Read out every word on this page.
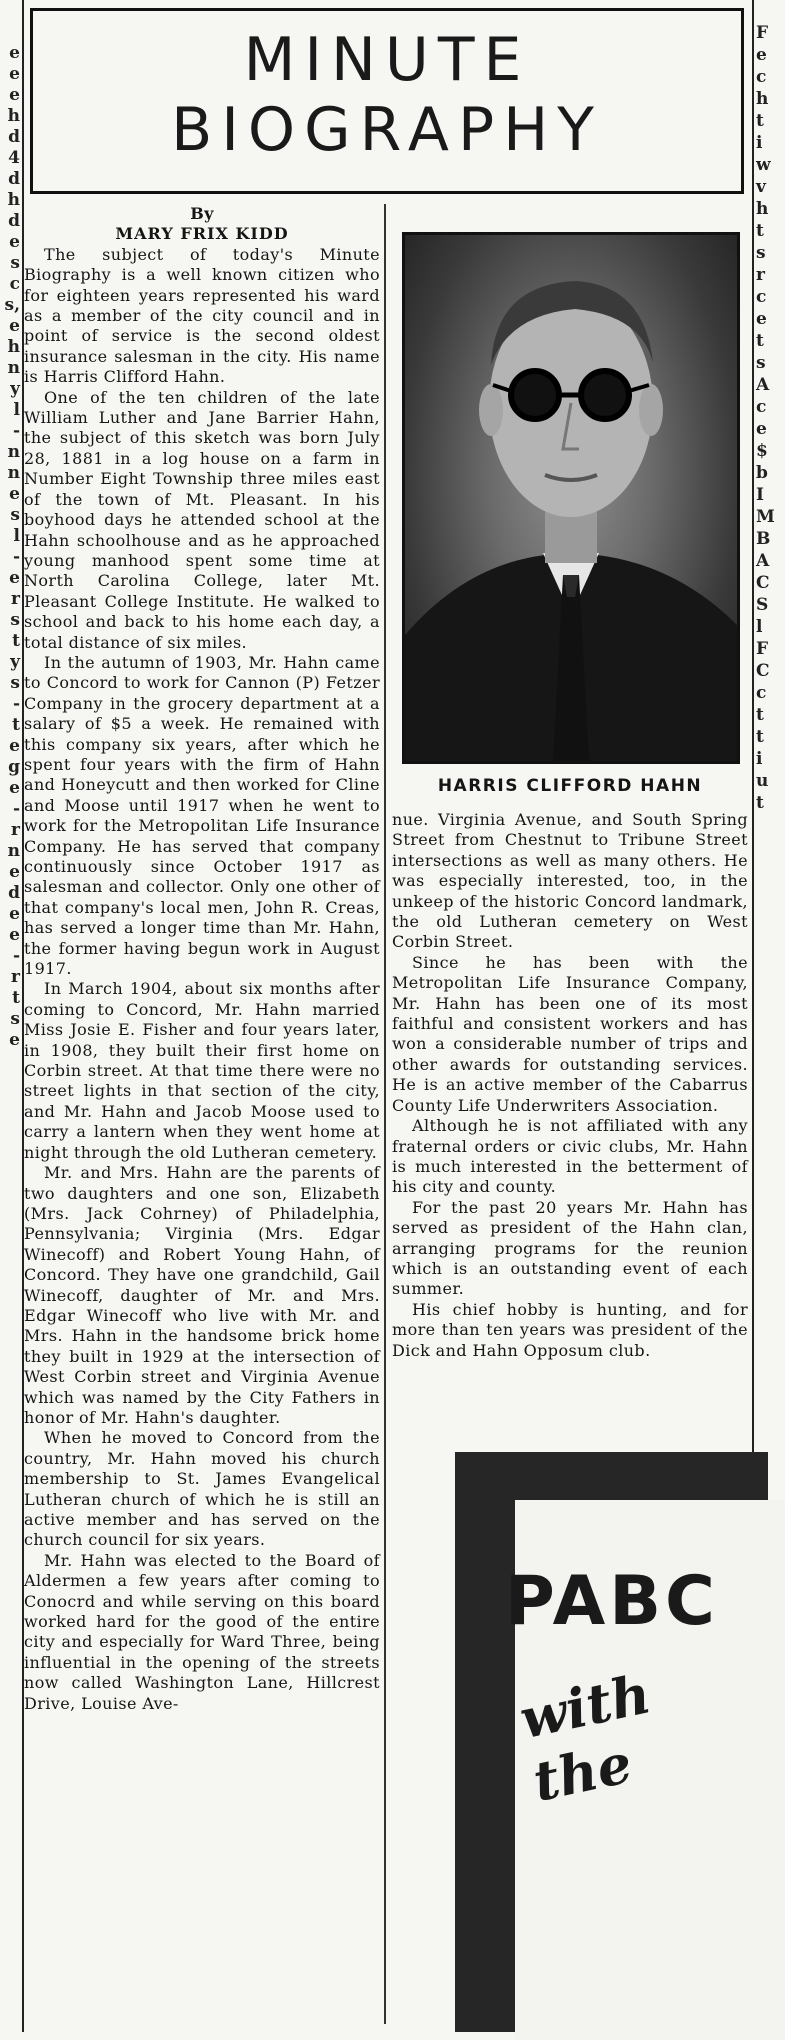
e
e
e
h
d
4
d
h
d
e
s
c
s,
e
h
n
y
l
-
n
n
e
s
l
-
e
r
s
t
y
s
-
t
e
g
e
-
r
n
e
d
e
e
-
r
t
s
e
F
e
c
h
t
i
w
v
h
t
s
r
c
e
t
s
A
c
e
$
b
I
M
B
A
C
S
l
F
C
c
t
t
i
u
t
MINUTE
BIOGRAPHY

By

MARY FRIX KIDD

The subject of today's Minute Biography is a well known citizen who for eighteen years represented his ward as a member of the city council and in point of service is the second oldest insurance salesman in the city. His name is Harris Clifford Hahn.

One of the ten children of the late William Luther and Jane Barrier Hahn, the subject of this sketch was born July 28, 1881 in a log house on a farm in Number Eight Township three miles east of the town of Mt. Pleasant. In his boyhood days he attended school at the Hahn schoolhouse and as he approached young manhood spent some time at North Carolina College, later Mt. Pleasant College Institute. He walked to school and back to his home each day, a total distance of six miles.

In the autumn of 1903, Mr. Hahn came to Concord to work for Cannon (P) Fetzer Company in the grocery department at a salary of $5 a week. He remained with this company six years, after which he spent four years with the firm of Hahn and Honeycutt and then worked for Cline and Moose until 1917 when he went to work for the Metropolitan Life Insurance Company. He has served that company continuously since October 1917 as salesman and collector. Only one other of that company's local men, John R. Creas, has served a longer time than Mr. Hahn, the former having begun work in August 1917.

In March 1904, about six months after coming to Concord, Mr. Hahn married Miss Josie E. Fisher and four years later, in 1908, they built their first home on Corbin street. At that time there were no street lights in that section of the city, and Mr. Hahn and Jacob Moose used to carry a lantern when they went home at night through the old Lutheran cemetery.

Mr. and Mrs. Hahn are the parents of two daughters and one son, Elizabeth (Mrs. Jack Cohrney) of Philadelphia, Pennsylvania; Virginia (Mrs. Edgar Winecoff) and Robert Young Hahn, of Concord. They have one grandchild, Gail Winecoff, daughter of Mr. and Mrs. Edgar Winecoff who live with Mr. and Mrs. Hahn in the handsome brick home they built in 1929 at the intersection of West Corbin street and Virginia Avenue which was named by the City Fathers in honor of Mr. Hahn's daughter.

When he moved to Concord from the country, Mr. Hahn moved his church membership to St. James Evangelical Lutheran church of which he is still an active member and has served on the church council for six years.

Mr. Hahn was elected to the Board of Aldermen a few years after coming to Conocrd and while serving on this board worked hard for the good of the entire city and especially for Ward Three, being influential in the opening of the streets now called Washington Lane, Hillcrest Drive, Louise Ave-

HARRIS CLIFFORD HAHN

nue. Virginia Avenue, and South Spring Street from Chestnut to Tribune Street intersections as well as many others. He was especially interested, too, in the unkeep of the historic Concord landmark, the old Lutheran cemetery on West Corbin Street.

Since he has been with the Metropolitan Life Insurance Company, Mr. Hahn has been one of its most faithful and consistent workers and has won a considerable number of trips and other awards for outstanding services. He is an active member of the Cabarrus County Life Underwriters Association.

Although he is not affiliated with any fraternal orders or civic clubs, Mr. Hahn is much interested in the betterment of his city and county.

For the past 20 years Mr. Hahn has served as president of the Hahn clan, arranging programs for the reunion which is an outstanding event of each summer.

His chief hobby is hunting, and for more than ten years was president of the Dick and Hahn Opposum club.

PABC
with the
